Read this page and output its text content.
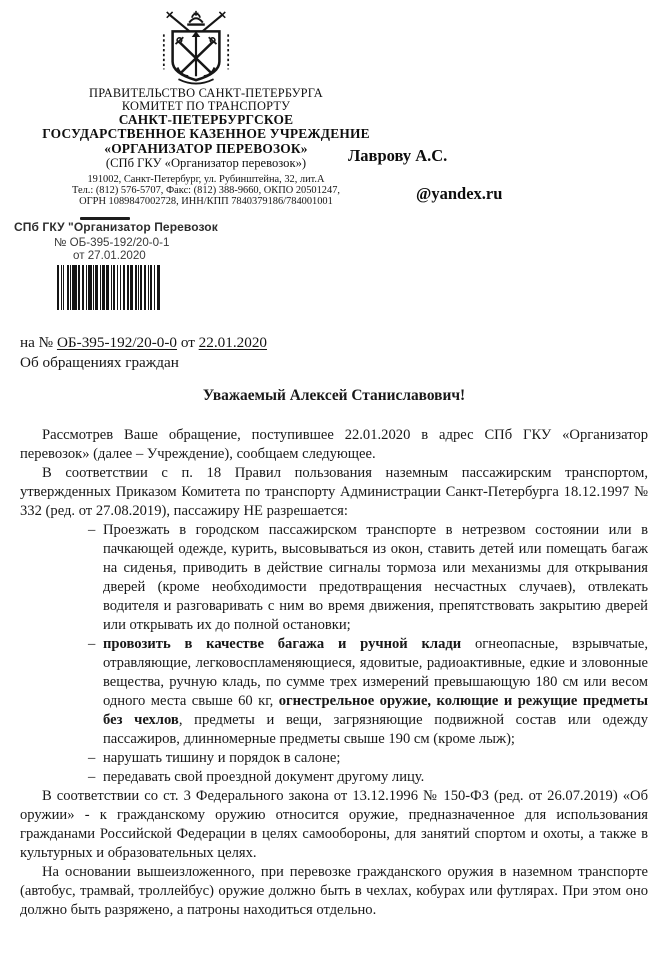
ПРАВИТЕЛЬСТВО САНКТ-ПЕТЕРБУРГА
КОМИТЕТ ПО ТРАНСПОРТУ
САНКТ-ПЕТЕРБУРГСКОЕ
ГОСУДАРСТВЕННОЕ КАЗЕННОЕ УЧРЕЖДЕНИЕ
«ОРГАНИЗАТОР ПЕРЕВОЗОК»
(СПб ГКУ «Организатор перевозок»)
191002, Санкт-Петербург, ул. Рубинштейна, 32, лит.А
Тел.: (812) 576-5707, Факс: (812) 388-9660, ОКПО 20501247,
ОГРН 1089847002728, ИНН/КПП 7840379186/784001001
Лаврову А.С.
@yandex.ru
СПб ГКУ "Организатор Перевозок
№ ОБ-395-192/20-0-1
от 27.01.2020
на № ОБ-395-192/20-0-0 от 22.01.2020
Об обращениях граждан
Уважаемый Алексей Станиславович!

Рассмотрев Ваше обращение, поступившее 22.01.2020 в адрес СПб ГКУ «Организатор перевозок» (далее – Учреждение), сообщаем следующее.

В соответствии с п. 18 Правил пользования наземным пассажирским транспортом, утвержденных Приказом Комитета по транспорту Администрации Санкт-Петербурга 18.12.1997 № 332 (ред. от 27.08.2019), пассажиру НЕ разрешается:

– Проезжать в городском пассажирском транспорте в нетрезвом состоянии или в пачкающей одежде, курить, высовываться из окон, ставить детей или помещать багаж на сиденья, приводить в действие сигналы тормоза или механизмы для открывания дверей (кроме необходимости предотвращения несчастных случаев), отвлекать водителя и разговаривать с ним во время движения, препятствовать закрытию дверей или открывать их до полной остановки;
– провозить в качестве багажа и ручной клади огнеопасные, взрывчатые, отравляющие, легковоспламеняющиеся, ядовитые, радиоактивные, едкие и зловонные вещества, ручную кладь, по сумме трех измерений превышающую 180 см или весом одного места свыше 60 кг, огнестрельное оружие, колющие и режущие предметы без чехлов, предметы и вещи, загрязняющие подвижной состав или одежду пассажиров, длинномерные предметы свыше 190 см (кроме лыж);
– нарушать тишину и порядок в салоне;
– передавать свой проездной документ другому лицу.

В соответствии со ст. 3 Федерального закона от 13.12.1996 № 150-ФЗ (ред. от 26.07.2019) «Об оружии» - к гражданскому оружию относится оружие, предназначенное для использования гражданами Российской Федерации в целях самообороны, для занятий спортом и охоты, а также в культурных и образовательных целях.

На основании вышеизложенного, при перевозке гражданского оружия в наземном транспорте (автобус, трамвай, троллейбус) оружие должно быть в чехлах, кобурах или футлярах. При этом оно должно быть разряжено, а патроны находиться отдельно.
